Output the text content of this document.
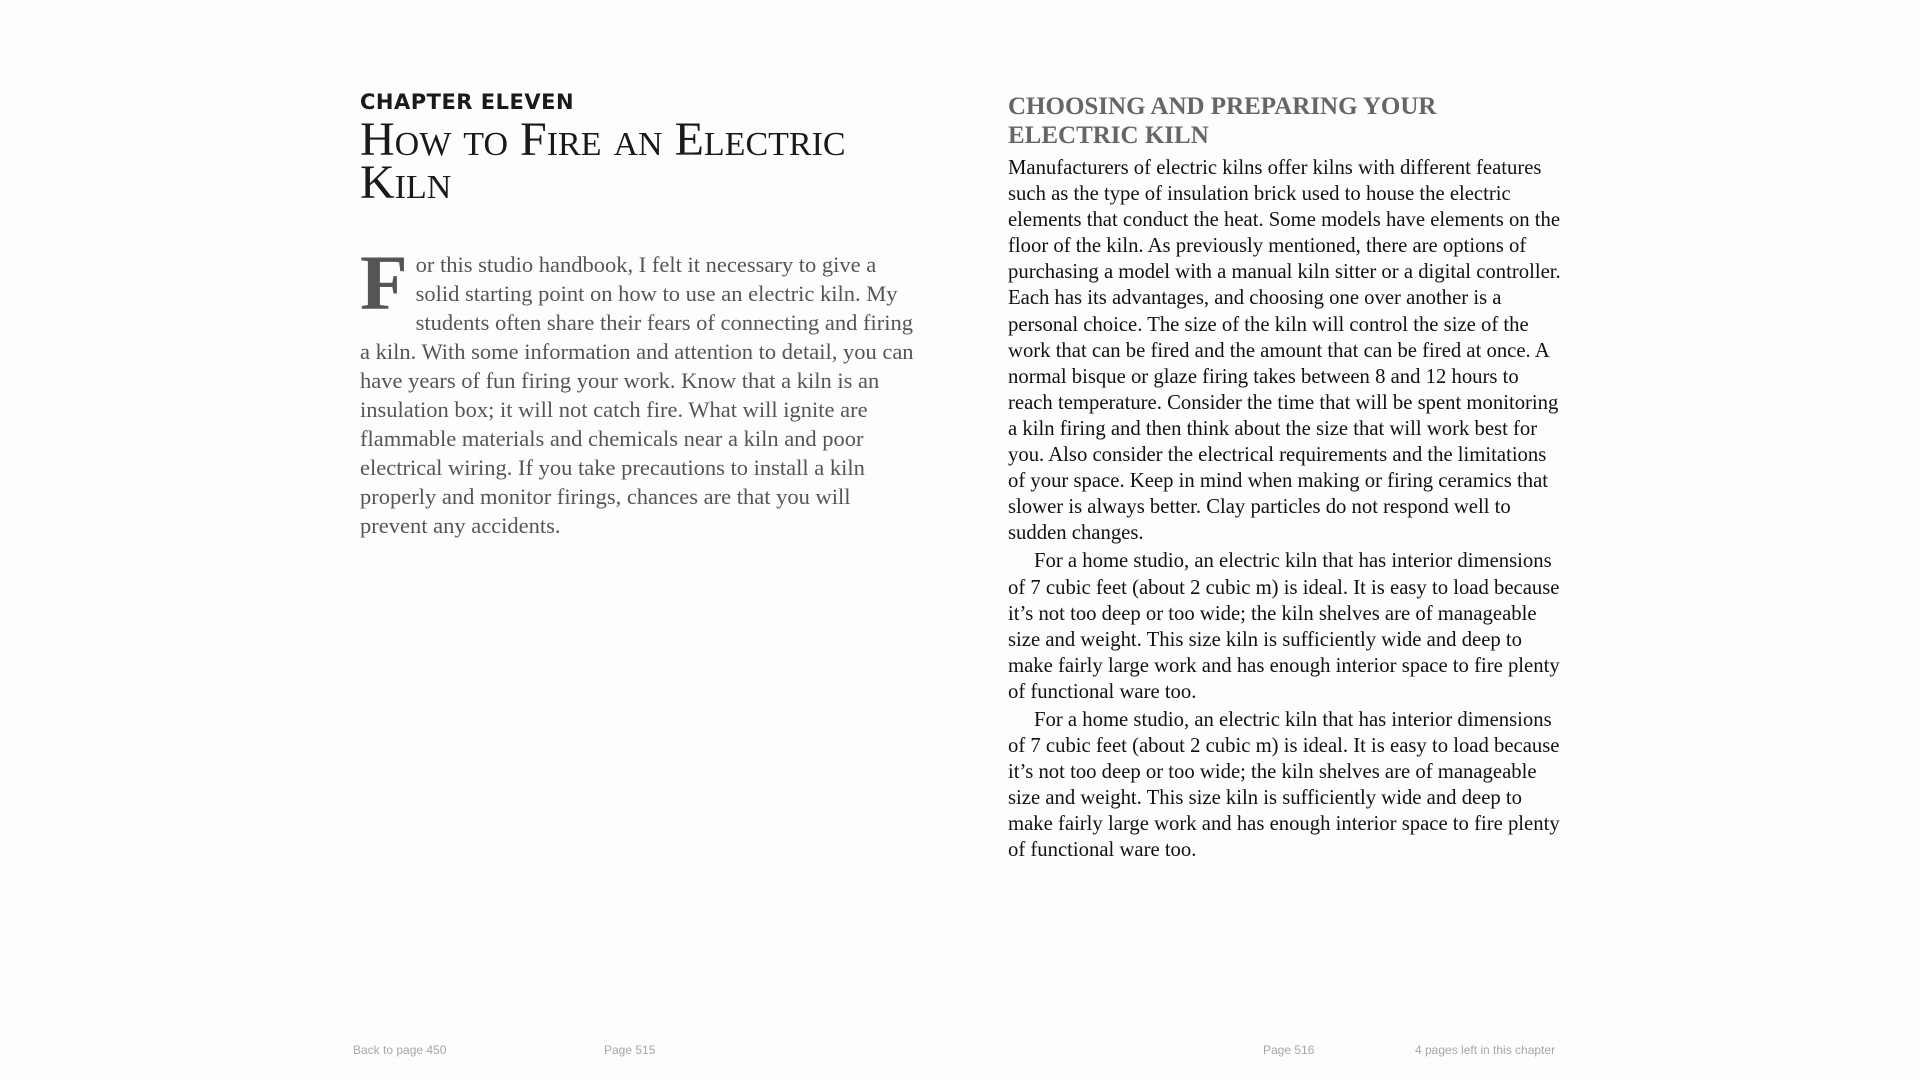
CHAPTER ELEVEN
How to Fire an Electric Kiln

For this studio handbook, I felt it necessary to give a solid starting point on how to use an electric kiln. My students often share their fears of connecting and firing a kiln. With some information and attention to detail, you can have years of fun firing your work. Know that a kiln is an insulation box; it will not catch fire. What will ignite are flammable materials and chemicals near a kiln and poor electrical wiring. If you take precautions to install a kiln properly and monitor firings, chances are that you will prevent any accidents.

CHOOSING AND PREPARING YOUR ELECTRIC KILN

Manufacturers of electric kilns offer kilns with different features such as the type of insulation brick used to house the electric elements that conduct the heat. Some models have elements on the floor of the kiln. As previously mentioned, there are options of purchasing a model with a manual kiln sitter or a digital controller. Each has its advantages, and choosing one over another is a personal choice. The size of the kiln will control the size of the work that can be fired and the amount that can be fired at once. A normal bisque or glaze firing takes between 8 and 12 hours to reach temperature. Consider the time that will be spent monitoring a kiln firing and then think about the size that will work best for you. Also consider the electrical requirements and the limitations of your space. Keep in mind when making or firing ceramics that slower is always better. Clay particles do not respond well to sudden changes.

For a home studio, an electric kiln that has interior dimensions of 7 cubic feet (about 2 cubic m) is ideal. It is easy to load because it’s not too deep or too wide; the kiln shelves are of manageable size and weight. This size kiln is sufficiently wide and deep to make fairly large work and has enough interior space to fire plenty of functional ware too.

For a home studio, an electric kiln that has interior dimensions of 7 cubic feet (about 2 cubic m) is ideal. It is easy to load because it’s not too deep or too wide; the kiln shelves are of manageable size and weight. This size kiln is sufficiently wide and deep to make fairly large work and has enough interior space to fire plenty of functional ware too.

Back to page 450	Page 515	Page 516	4 pages left in this chapter
